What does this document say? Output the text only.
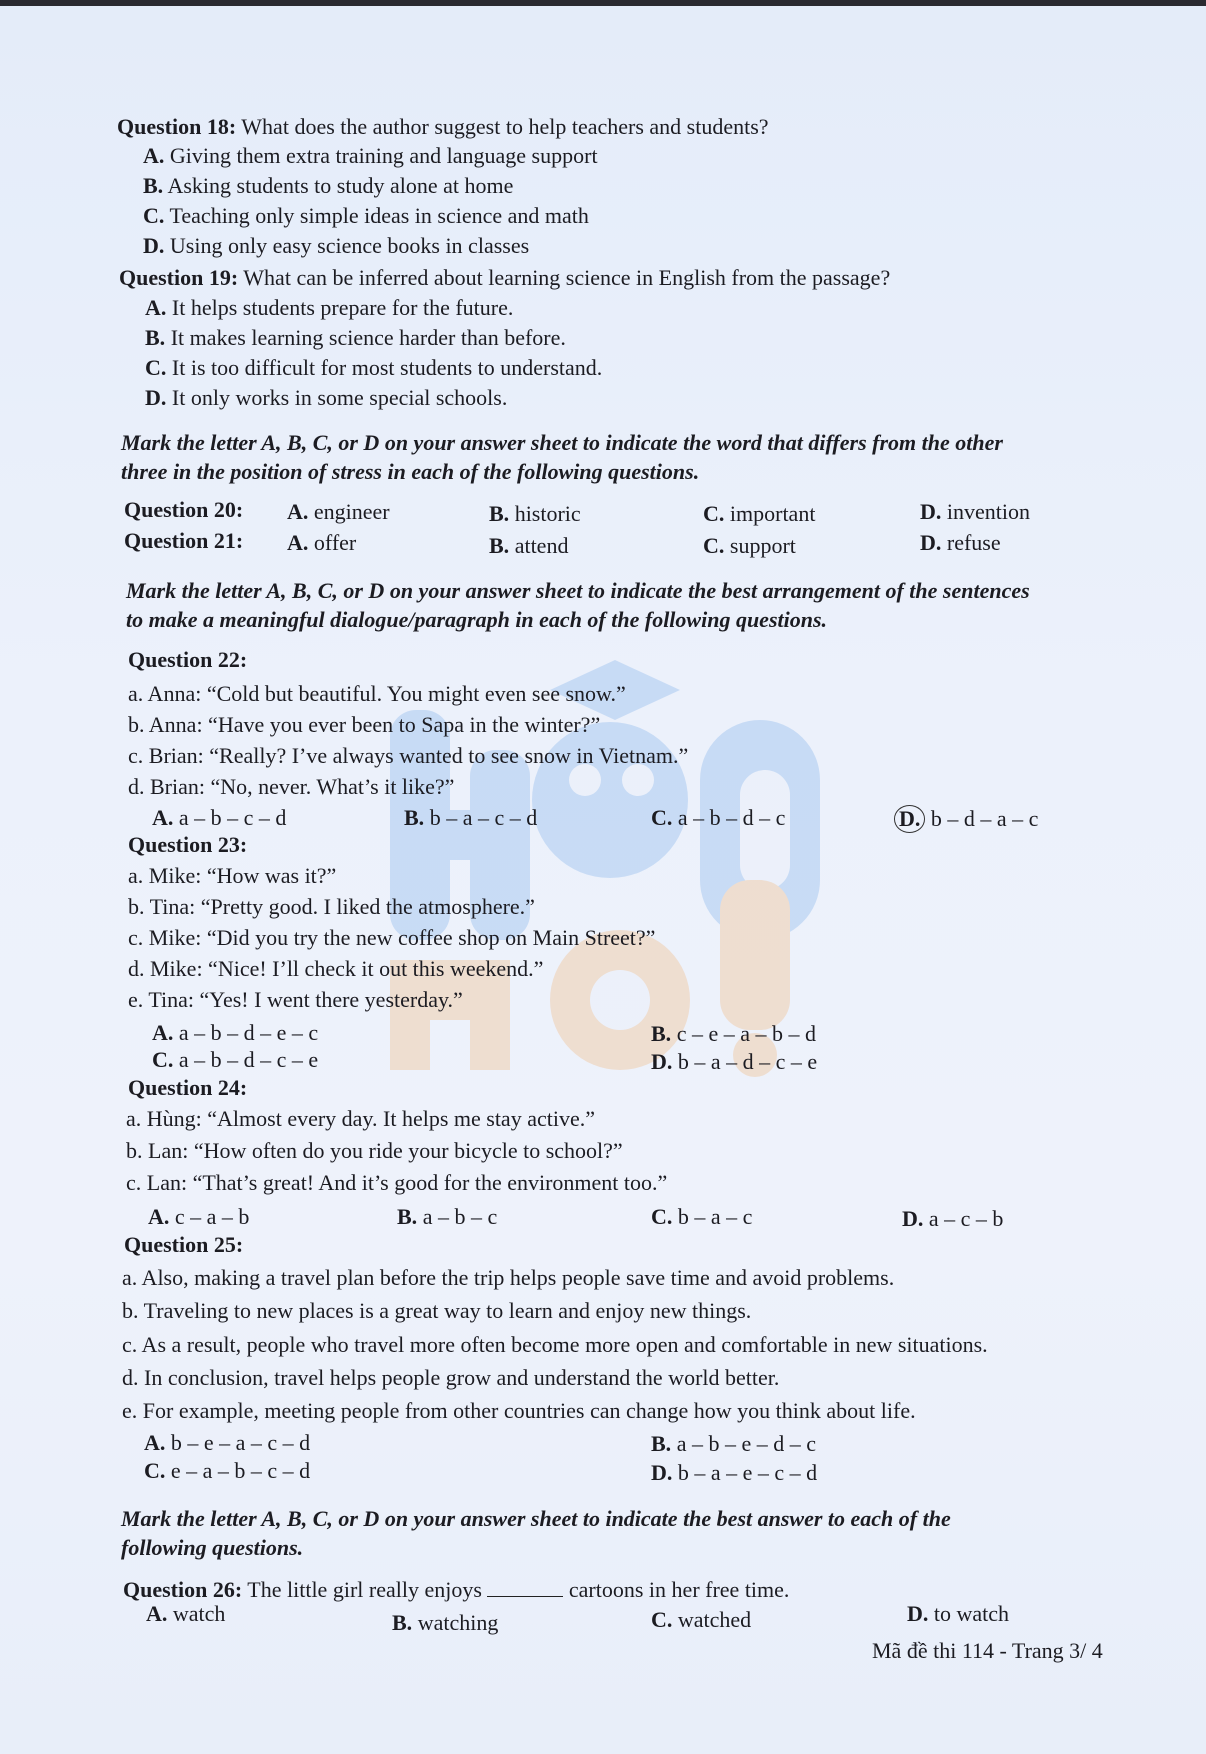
Question 18: What does the author suggest to help teachers and students?
A. Giving them extra training and language support
B. Asking students to study alone at home
C. Teaching only simple ideas in science and math
D. Using only easy science books in classes
Question 19: What can be inferred about learning science in English from the passage?
A. It helps students prepare for the future.
B. It makes learning science harder than before.
C. It is too difficult for most students to understand.
D. It only works in some special schools.
Mark the letter A, B, C, or D on your answer sheet to indicate the word that differs from the other
three in the position of stress in each of the following questions.
Question 20: A. engineer	B. historic	C. important	D. invention
Question 21: A. offer	B. attend	C. support	D. refuse
Mark the letter A, B, C, or D on your answer sheet to indicate the best arrangement of the sentences
to make a meaningful dialogue/paragraph in each of the following questions.
Question 22:
a. Anna: “Cold but beautiful. You might even see snow.”
b. Anna: “Have you ever been to Sapa in the winter?”
c. Brian: “Really? I’ve always wanted to see snow in Vietnam.”
d. Brian: “No, never. What’s it like?”
A. a – b – c – d	B. b – a – c – d	C. a – b – d – c	D. b – d – a – c
Question 23:
a. Mike: “How was it?”
b. Tina: “Pretty good. I liked the atmosphere.”
c. Mike: “Did you try the new coffee shop on Main Street?”
d. Mike: “Nice! I’ll check it out this weekend.”
e. Tina: “Yes! I went there yesterday.”
A. a – b – d – e – c	B. c – e – a – b – d
C. a – b – d – c – e	D. b – a – d – c – e
Question 24:
a. Hùng: “Almost every day. It helps me stay active.”
b. Lan: “How often do you ride your bicycle to school?”
c. Lan: “That’s great! And it’s good for the environment too.”
A. c – a – b	B. a – b – c	C. b – a – c	D. a – c – b
Question 25:
a. Also, making a travel plan before the trip helps people save time and avoid problems.
b. Traveling to new places is a great way to learn and enjoy new things.
c. As a result, people who travel more often become more open and comfortable in new situations.
d. In conclusion, travel helps people grow and understand the world better.
e. For example, meeting people from other countries can change how you think about life.
A. b – e – a – c – d	B. a – b – e – d – c
C. e – a – b – c – d	D. b – a – e – c – d
Mark the letter A, B, C, or D on your answer sheet to indicate the best answer to each of the
following questions.
Question 26: The little girl really enjoys	cartoons in her free time.
A. watch	B. watching	C. watched	D. to watch
Mã đề thi 114 - Trang 3/ 4
